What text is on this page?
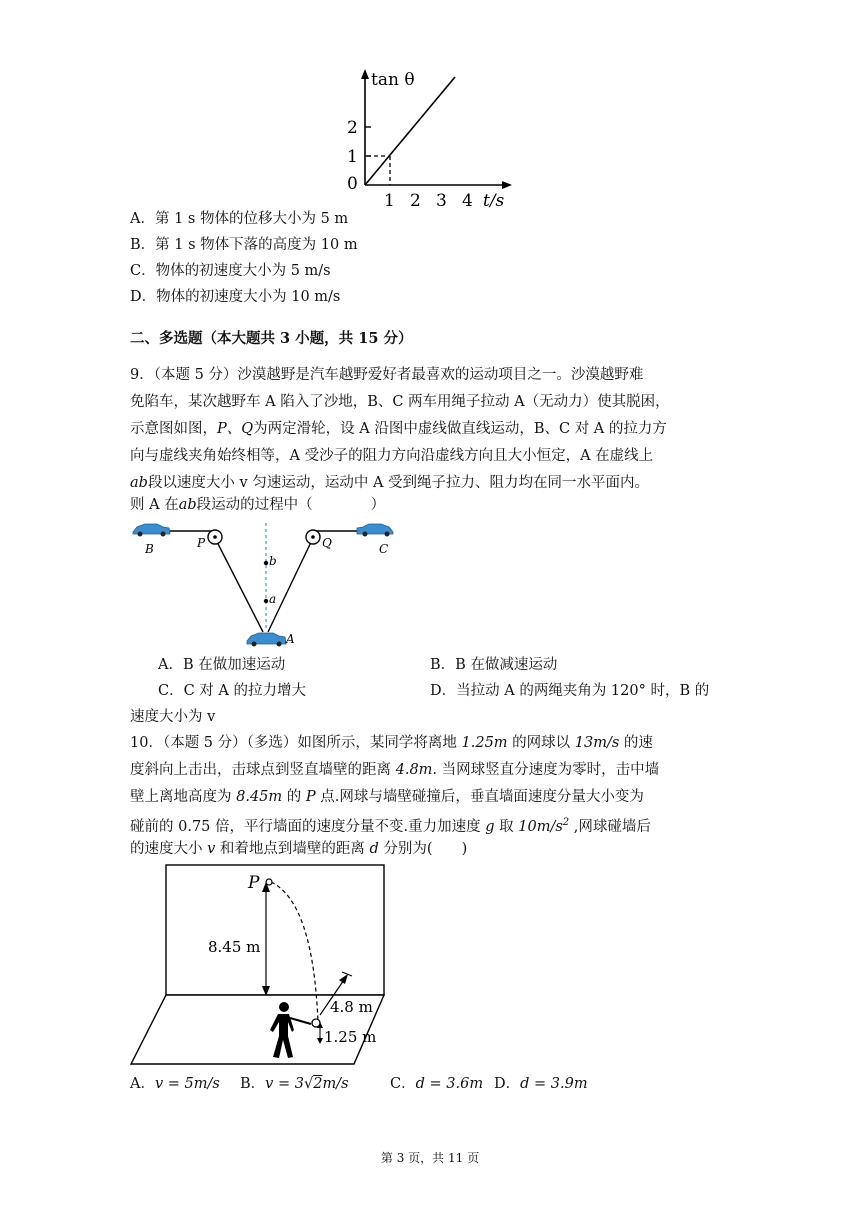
tan θ
2
1
0
1 2 3 4 t/s
A．第 1 s 物体的位移大小为 5 m
B．第 1 s 物体下落的高度为 10 m
C．物体的初速度大小为 5 m/s
D．物体的初速度大小为 10 m/s
二、多选题（本大题共 3 小题，共 15 分）
9．（本题 5 分）沙漠越野是汽车越野爱好者最喜欢的运动项目之一。沙漠越野难
免陷车，某次越野车 A 陷入了沙地，B、C 两车用绳子拉动 A（无动力）使其脱困，
示意图如图，P、Q为两定滑轮，设 A 沿图中虚线做直线运动，B、C 对 A 的拉力方
向与虚线夹角始终相等，A 受沙子的阻力方向沿虚线方向且大小恒定，A 在虚线上
ab段以速度大小 v 匀速运动，运动中 A 受到绳子拉力、阻力均在同一水平面内。
则 A 在ab段运动的过程中（　　　　）
B	P	Q	C
b
a
A
A．B 在做加速运动	B．B 在做减速运动
C．C 对 A 的拉力增大	D．当拉动 A 的两绳夹角为 120° 时，B 的
速度大小为 v
10．（本题 5 分）（多选）如图所示，某同学将离地 1.25m 的网球以 13m/s 的速
度斜向上击出，击球点到竖直墙壁的距离 4.8m. 当网球竖直分速度为零时，击中墙
壁上离地高度为 8.45m 的 P 点.网球与墙壁碰撞后，垂直墙面速度分量大小变为
碰前的 0.75 倍，平行墙面的速度分量不变.重力加速度 g 取 $10m/s^2$ ,网球碰墙后
的速度大小 v 和着地点到墙壁的距离 d 分别为(　　)
P
8.45 m
4.8 m
1.25 m
A．v = 5m/s B．v = 3√2m/s	C．d = 3.6m D．d = 3.9m
第 3 页，共 11 页
